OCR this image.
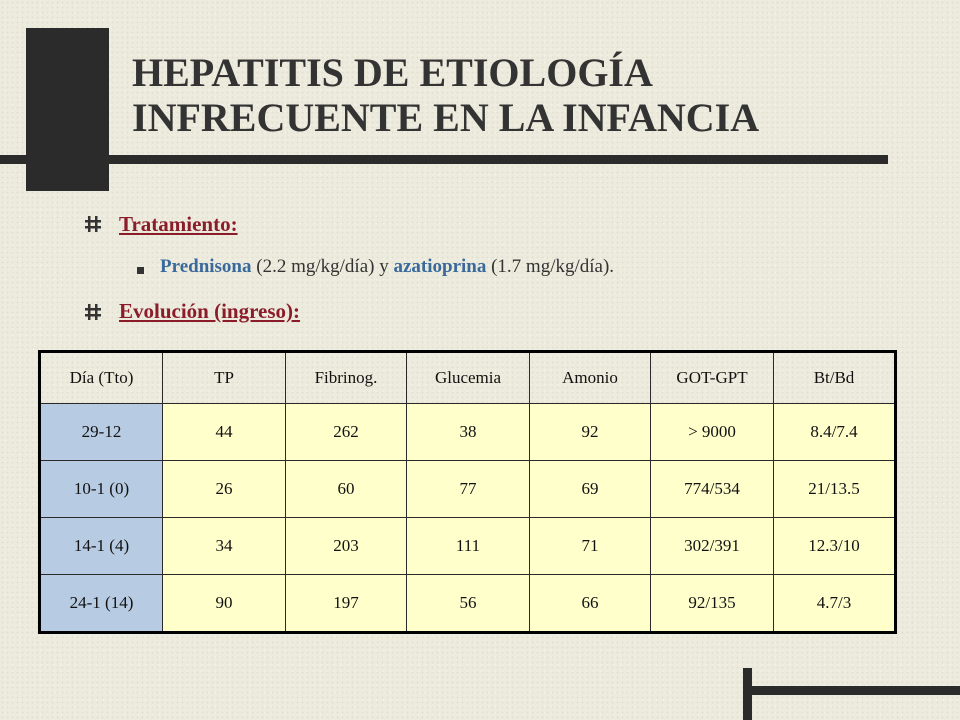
HEPATITIS DE ETIOLOGÍA
INFRECUENTE EN LA INFANCIA
Tratamiento:
Prednisona (2.2 mg/kg/día) y azatioprina (1.7 mg/kg/día).
Evolución (ingreso):
Día (Tto)	TP	Fibrinog.	Glucemia	Amonio	GOT-GPT	Bt/Bd
29-12	44	262	38	92	> 9000	8.4/7.4
10-1 (0)	26	60	77	69	774/534	21/13.5
14-1 (4)	34	203	111	71	302/391	12.3/10
24-1 (14)	90	197	56	66	92/135	4.7/3
